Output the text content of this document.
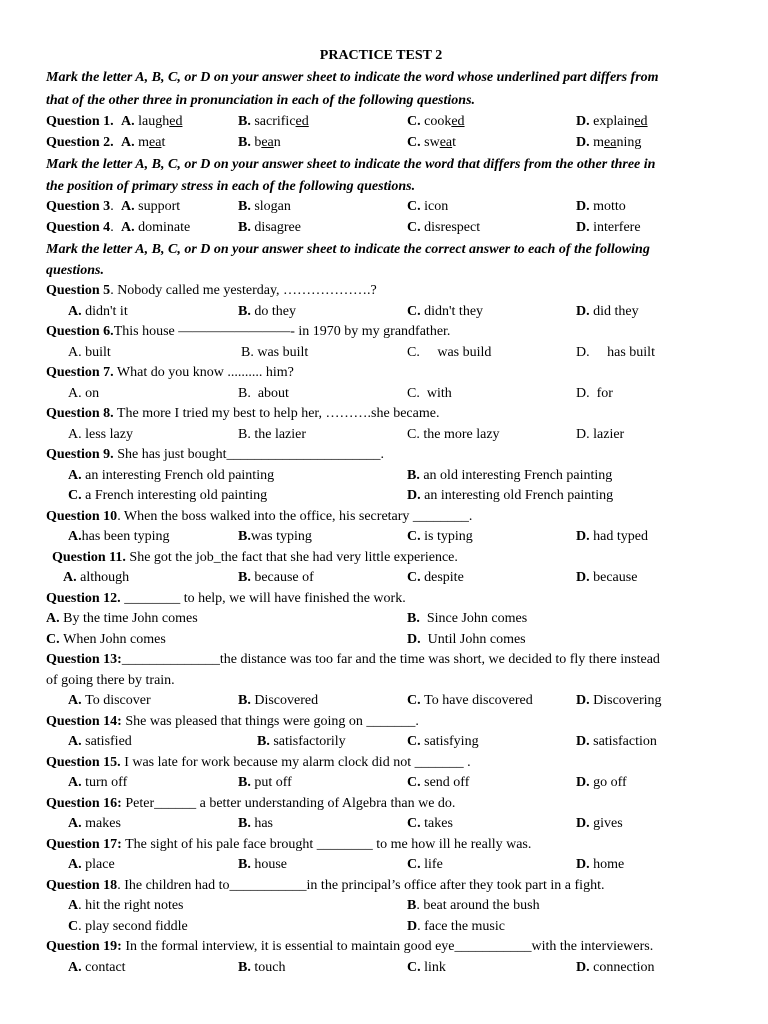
PRACTICE TEST 2
Mark the letter A, B, C, or D on your answer sheet to indicate the word whose underlined part differs from
that of the other three in pronunciation in each of the following questions.
Question 1. A. laughed	B. sacrificed	C. cooked	D. explained
Question 2. A. meat	B. bean	C. sweat	D. meaning
Mark the letter A, B, C, or D on your answer sheet to indicate the word that differs from the other three in
the position of primary stress in each of the following questions.
Question 3. A. support	B. slogan	C. icon	D. motto
Question 4. A. dominate	B. disagree	C. disrespect	D. interfere
Mark the letter A, B, C, or D on your answer sheet to indicate the correct answer to each of the following
questions.
Question 5. Nobody called me yesterday, ……………….?
A. didn't it	B. do they	C. didn't they	D. did they
Question 6.This house ————————- in 1970 by my grandfather.
A. built	B. was built	C.     was build	D.     has built
Question 7. What do you know .......... him?
A. on	B.  about	C.  with	D.  for
Question 8. The more I tried my best to help her, ……….she became.
A. less lazy	B. the lazier	C. the more lazy	D. lazier
Question 9. She has just bought______________________.
A. an interesting French old painting	B. an old interesting French painting
C. a French interesting old painting	D. an interesting old French painting
Question 10. When the boss walked into the office, his secretary ________.
A.has been typing	B.was typing	C. is typing	D. had typed
Question 11. She got the job_the fact that she had very little experience.
A. although	B. because of	C. despite	D. because
Question 12. ________ to help, we will have finished the work.
A. By the time John comes	B.  Since John comes
C. When John comes	D.  Until John comes
Question 13:______________the distance was too far and the time was short, we decided to fly there instead
of going there by train.
A. To discover	B. Discovered	C. To have discovered	D. Discovering
Question 14: She was pleased that things were going on _______.
A. satisfied	B. satisfactorily	C. satisfying	D. satisfaction
Question 15. I was late for work because my alarm clock did not _______ .
A. turn off	B. put off	C. send off	D. go off
Question 16: Peter______ a better understanding of Algebra than we do.
A. makes	B. has	C. takes	D. gives
Question 17: The sight of his pale face brought ________ to me how ill he really was.
A. place	B. house	C. life	D. home
Question 18. Ihe children had to___________in the principal’s office after they took part in a fight.
A. hit the right notes	B. beat around the bush
C. play second fiddle	D. face the music
Question 19: In the formal interview, it is essential to maintain good eye___________with the interviewers.
A. contact	B. touch	C. link	D. connection
